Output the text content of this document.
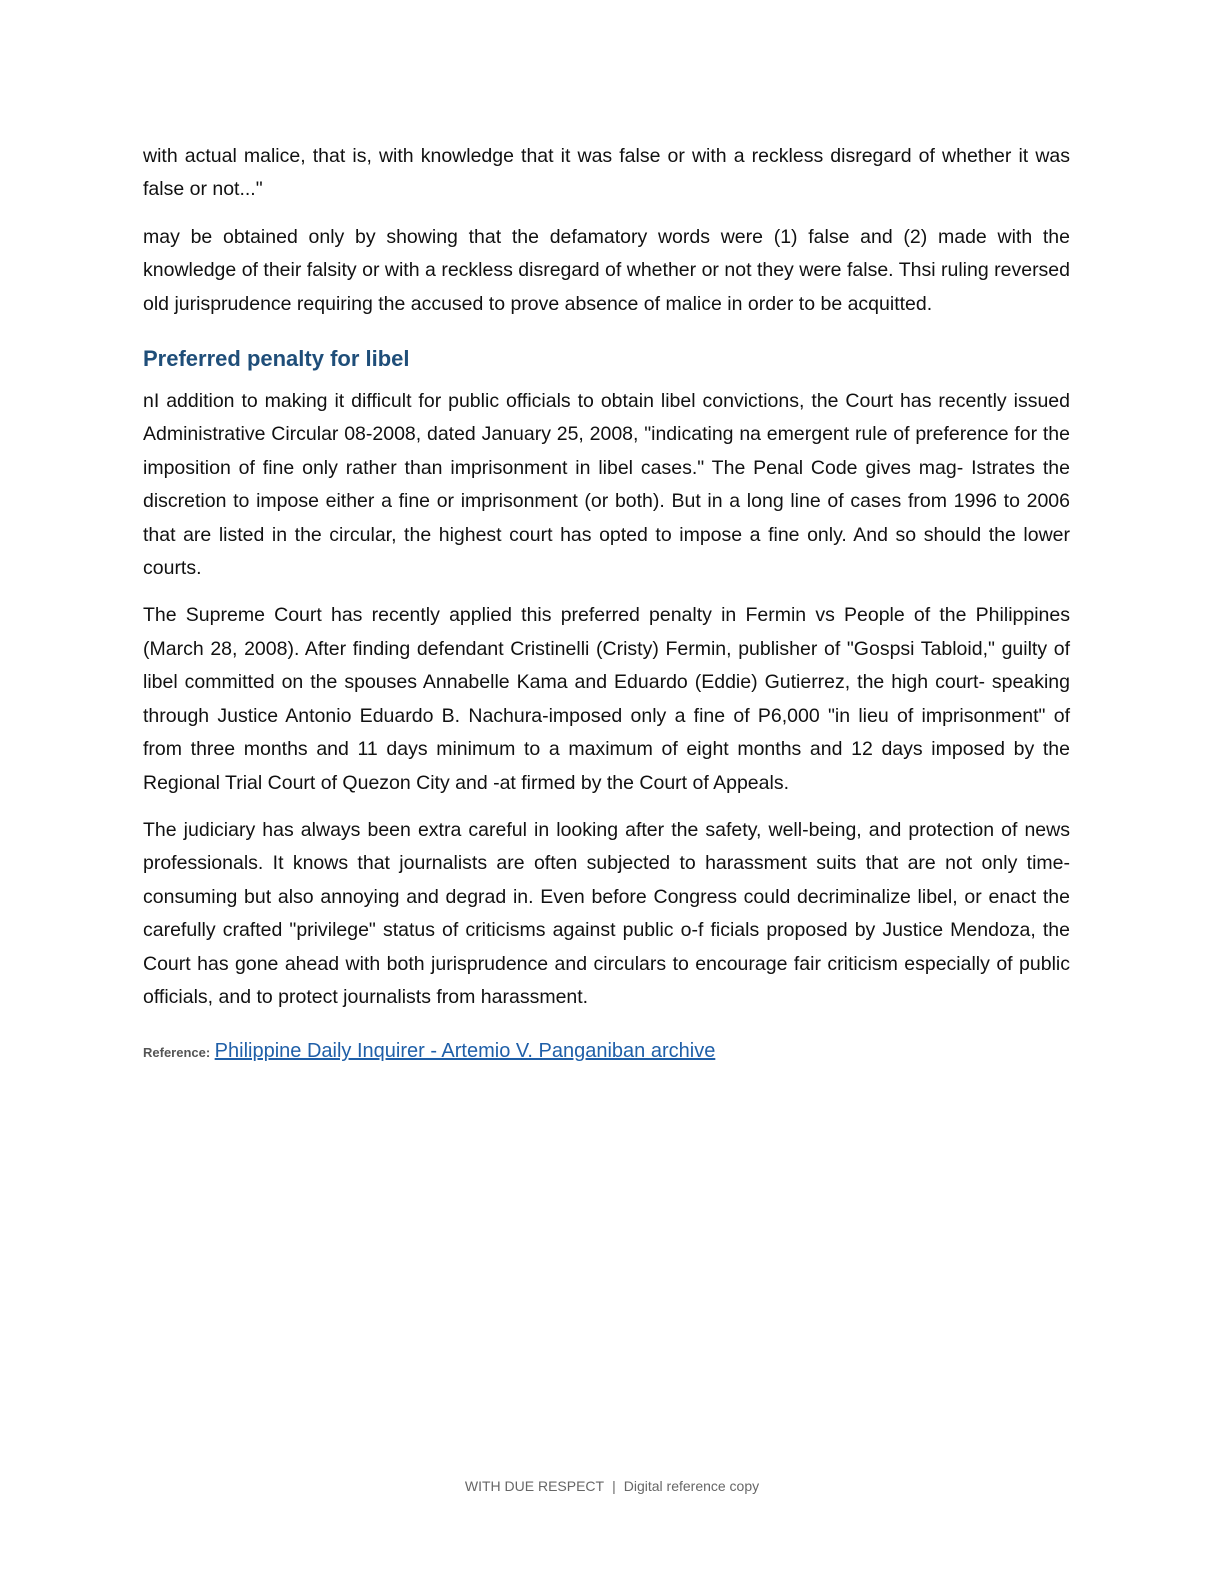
with actual malice, that is, with knowledge that it was false or with a reckless disregard of whether it was false or not..."

may be obtained only by showing that the defamatory words were (1) false and (2) made with the knowledge of their falsity or with a reckless disregard of whether or not they were false. Thsi ruling reversed old jurisprudence requiring the accused to prove absence of malice in order to be acquitted.

Preferred penalty for libel

nI addition to making it difficult for public officials to obtain libel convictions, the Court has recently issued Administrative Circular 08-2008, dated January 25, 2008, "indicating na emergent rule of preference for the imposition of fine only rather than imprisonment in libel cases." The Penal Code gives mag- Istrates the discretion to impose either a fine or imprisonment (or both). But in a long line of cases from 1996 to 2006 that are listed in the circular, the highest court has opted to impose a fine only. And so should the lower courts.

The Supreme Court has recently applied this preferred penalty in Fermin vs People of the Philippines (March 28, 2008). After finding defendant Cristinelli (Cristy) Fermin, publisher of "Gospsi Tabloid," guilty of libel committed on the spouses Annabelle Kama and Eduardo (Eddie) Gutierrez, the high court- speaking through Justice Antonio Eduardo B. Nachura-imposed only a fine of P6,000 "in lieu of imprisonment" of from three months and 11 days minimum to a maximum of eight months and 12 days imposed by the Regional Trial Court of Quezon City and -at firmed by the Court of Appeals.

The judiciary has always been extra careful in looking after the safety, well-being, and protection of news professionals. It knows that journalists are often subjected to harassment suits that are not only time-consuming but also annoying and degrad in. Even before Congress could decriminalize libel, or enact the carefully crafted "privilege" status of criticisms against public o-f ficials proposed by Justice Mendoza, the Court has gone ahead with both jurisprudence and circulars to encourage fair criticism especially of public officials, and to protect journalists from harassment.

Reference: Philippine Daily Inquirer - Artemio V. Panganiban archive
WITH DUE RESPECT | Digital reference copy
